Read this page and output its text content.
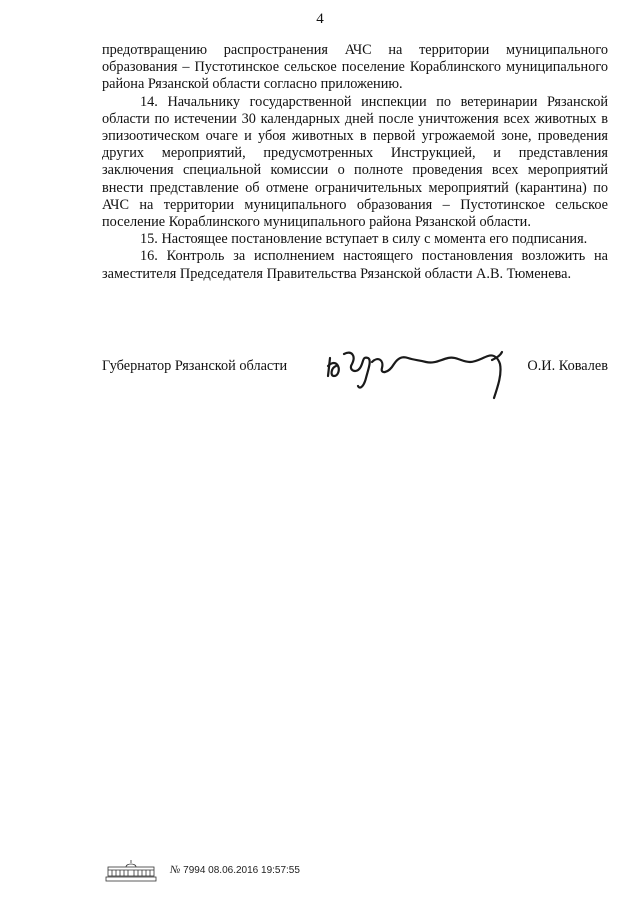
4

предотвращению распространения АЧС на территории муниципального образования – Пустотинское сельское поселение Кораблинского муниципального района Рязанской области согласно приложению.

14. Начальнику государственной инспекции по ветеринарии Рязанской области по истечении 30 календарных дней после уничтожения всех животных в эпизоотическом очаге и убоя животных в первой угрожаемой зоне, проведения других мероприятий, предусмотренных Инструкцией, и представления заключения специальной комиссии о полноте проведения всех мероприятий внести представление об отмене ограничительных мероприятий (карантина) по АЧС на территории муниципального образования – Пустотинское сельское поселение Кораблинского муниципального района Рязанской области.

15. Настоящее постановление вступает в силу с момента его подписания.

16. Контроль за исполнением настоящего постановления возложить на заместителя Председателя Правительства Рязанской области А.В. Тюменева.

Губернатор Рязанской области	О.И. Ковалев
№ 7994 08.06.2016 19:57:55
